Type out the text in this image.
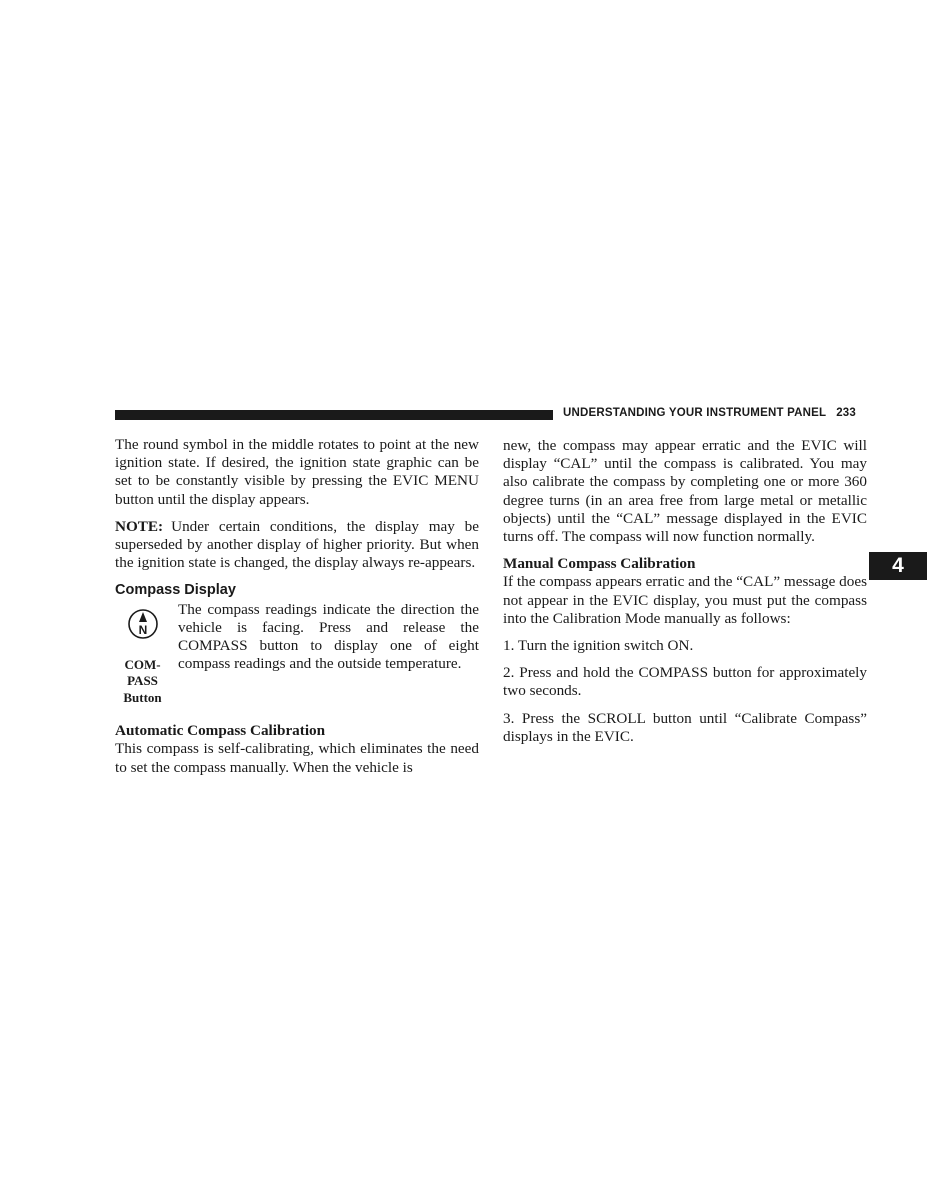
UNDERSTANDING YOUR INSTRUMENT PANEL 233
4

The round symbol in the middle rotates to point at the new ignition state. If desired, the ignition state graphic can be set to be constantly visible by pressing the EVIC MENU button until the display appears.

NOTE: Under certain conditions, the display may be superseded by another display of higher priority. But when the ignition state is changed, the display always re-appears.

Compass Display
N
COM-
PASS
Button
The compass readings indicate the direction the vehicle is facing. Press and release the COMPASS button to display one of eight compass readings and the outside temperature.
Automatic Compass Calibration

This compass is self-calibrating, which eliminates the need to set the compass manually. When the vehicle is

new, the compass may appear erratic and the EVIC will display “CAL” until the compass is calibrated. You may also calibrate the compass by completing one or more 360 degree turns (in an area free from large metal or metallic objects) until the “CAL” message displayed in the EVIC turns off. The compass will now function normally.

Manual Compass Calibration

If the compass appears erratic and the “CAL” message does not appear in the EVIC display, you must put the compass into the Calibration Mode manually as follows:

1. Turn the ignition switch ON.

2. Press and hold the COMPASS button for approximately two seconds.

3. Press the SCROLL button until “Calibrate Compass” displays in the EVIC.
